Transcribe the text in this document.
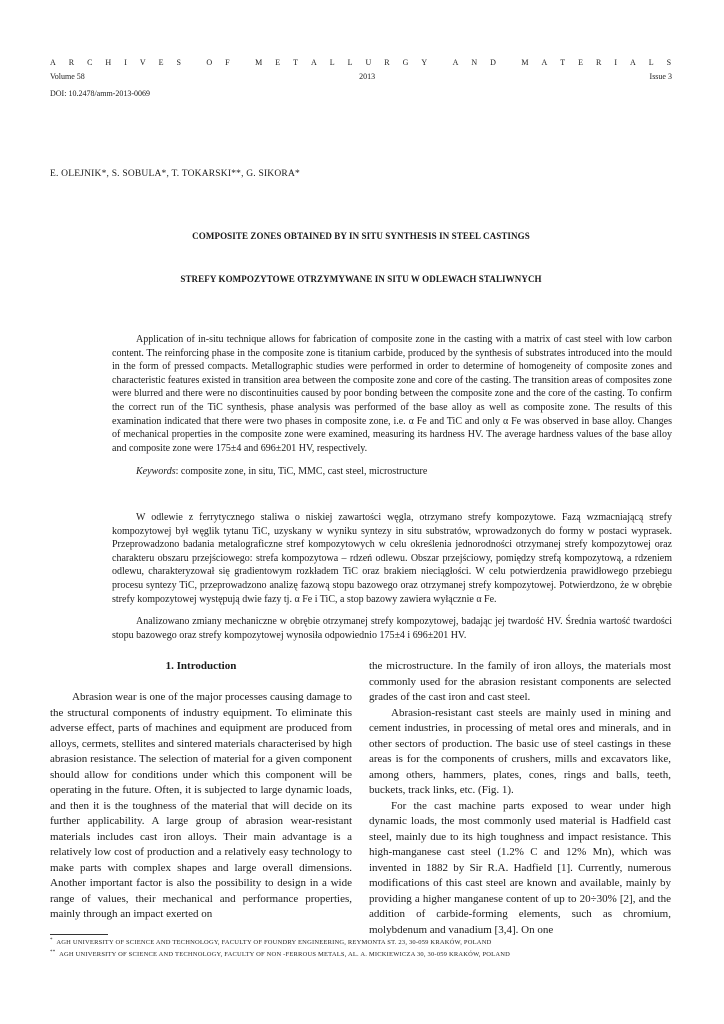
A R C H I V E S	O F	M E T A L L U R G Y	A N D	M A T E R I A L S
Volume 58	2013	Issue 3
DOI: 10.2478/amm-2013-0069
E. OLEJNIK*, S. SOBULA*, T. TOKARSKI**, G. SIKORA*
COMPOSITE ZONES OBTAINED BY IN SITU SYNTHESIS IN STEEL CASTINGS
STREFY KOMPOZYTOWE OTRZYMYWANE IN SITU W ODLEWACH STALIWNYCH
Application of in-situ technique allows for fabrication of composite zone in the casting with a matrix of cast steel with low carbon content. The reinforcing phase in the composite zone is titanium carbide, produced by the synthesis of substrates introduced into the mould in the form of pressed compacts. Metallographic studies were performed in order to determine of homogeneity of composite zones and characteristic features existed in transition area between the composite zone and core of the casting. The transition areas of composites zone were blurred and there were no discontinuities caused by poor bonding between the composite zone and the core of the casting. To confirm the correct run of the TiC synthesis, phase analysis was performed of the base alloy as well as composite zone. The results of this examination indicated that there were two phases in composite zone, i.e. α Fe and TiC and only α Fe was observed in base alloy. Changes of mechanical properties in the composite zone were examined, measuring its hardness HV. The average hardness values of the base alloy and composite zone were 175±4 and 696±201 HV, respectively.
Keywords: composite zone, in situ, TiC, MMC, cast steel, microstructure
W odlewie z ferrytycznego staliwa o niskiej zawartości węgla, otrzymano strefy kompozytowe. Fazą wzmacniającą strefy kompozytowej był węglik tytanu TiC, uzyskany w wyniku syntezy in situ substratów, wprowadzonych do formy w postaci wyprasek. Przeprowadzono badania metalograficzne stref kompozytowych w celu określenia jednorodności otrzymanej strefy kompozytowej oraz charakteru obszaru przejściowego: strefa kompozytowa – rdzeń odlewu. Obszar przejściowy, pomiędzy strefą kompozytową, a rdzeniem odlewu, charakteryzował się gradientowym rozkładem TiC oraz brakiem nieciągłości. W celu potwierdzenia prawidłowego przebiegu procesu syntezy TiC, przeprowadzono analizę fazową stopu bazowego oraz otrzymanej strefy kompozytowej. Potwierdzono, że w obrębie strefy kompozytowej występują dwie fazy tj. α Fe i TiC, a stop bazowy zawiera wyłącznie α Fe.
Analizowano zmiany mechaniczne w obrębie otrzymanej strefy kompozytowej, badając jej twardość HV. Średnia wartość twardości stopu bazowego oraz strefy kompozytowej wynosiła odpowiednio 175±4 i 696±201 HV.
1. Introduction

Abrasion wear is one of the major processes causing damage to the structural components of industry equipment. To eliminate this adverse effect, parts of machines and equipment are produced from alloys, cermets, stellites and sintered materials characterised by high abrasion resistance. The selection of material for a given component should allow for conditions under which this component will be operating in the future. Often, it is subjected to large dynamic loads, and then it is the toughness of the material that will decide on its further applicability. A large group of abrasion wear-resistant materials includes cast iron alloys. Their main advantage is a relatively low cost of production and a relatively easy technology to make parts with complex shapes and large overall dimensions. Another important factor is also the possibility to design in a wide range of values, their mechanical and performance properties, mainly through an impact exerted on

the microstructure. In the family of iron alloys, the materials most commonly used for the abrasion resistant components are selected grades of the cast iron and cast steel.

Abrasion-resistant cast steels are mainly used in mining and cement industries, in processing of metal ores and minerals, and in other sectors of production. The basic use of steel castings in these areas is for the components of crushers, mills and excavators like, among others, hammers, plates, cones, rings and balls, teeth, buckets, track links, etc. (Fig. 1).

For the cast machine parts exposed to wear under high dynamic loads, the most commonly used material is Hadfield cast steel, mainly due to its high toughness and impact resistance. This high-manganese cast steel (1.2% C and 12% Mn), which was invented in 1882 by Sir R.A. Hadfield [1]. Currently, numerous modifications of this cast steel are known and available, mainly by providing a higher manganese content of up to 20÷30% [2], and the addition of carbide-forming elements, such as chromium, molybdenum and vanadium [3,4]. On one

* AGH UNIVERSITY OF SCIENCE AND TECHNOLOGY, FACULTY OF FOUNDRY ENGINEERING, REYMONTA ST. 23, 30-059 KRAKÓW, POLAND
** AGH UNIVERSITY OF SCIENCE AND TECHNOLOGY, FACULTY OF NON -FERROUS METALS, AL. A. MICKIEWICZA 30, 30-059 KRAKÓW, POLAND
